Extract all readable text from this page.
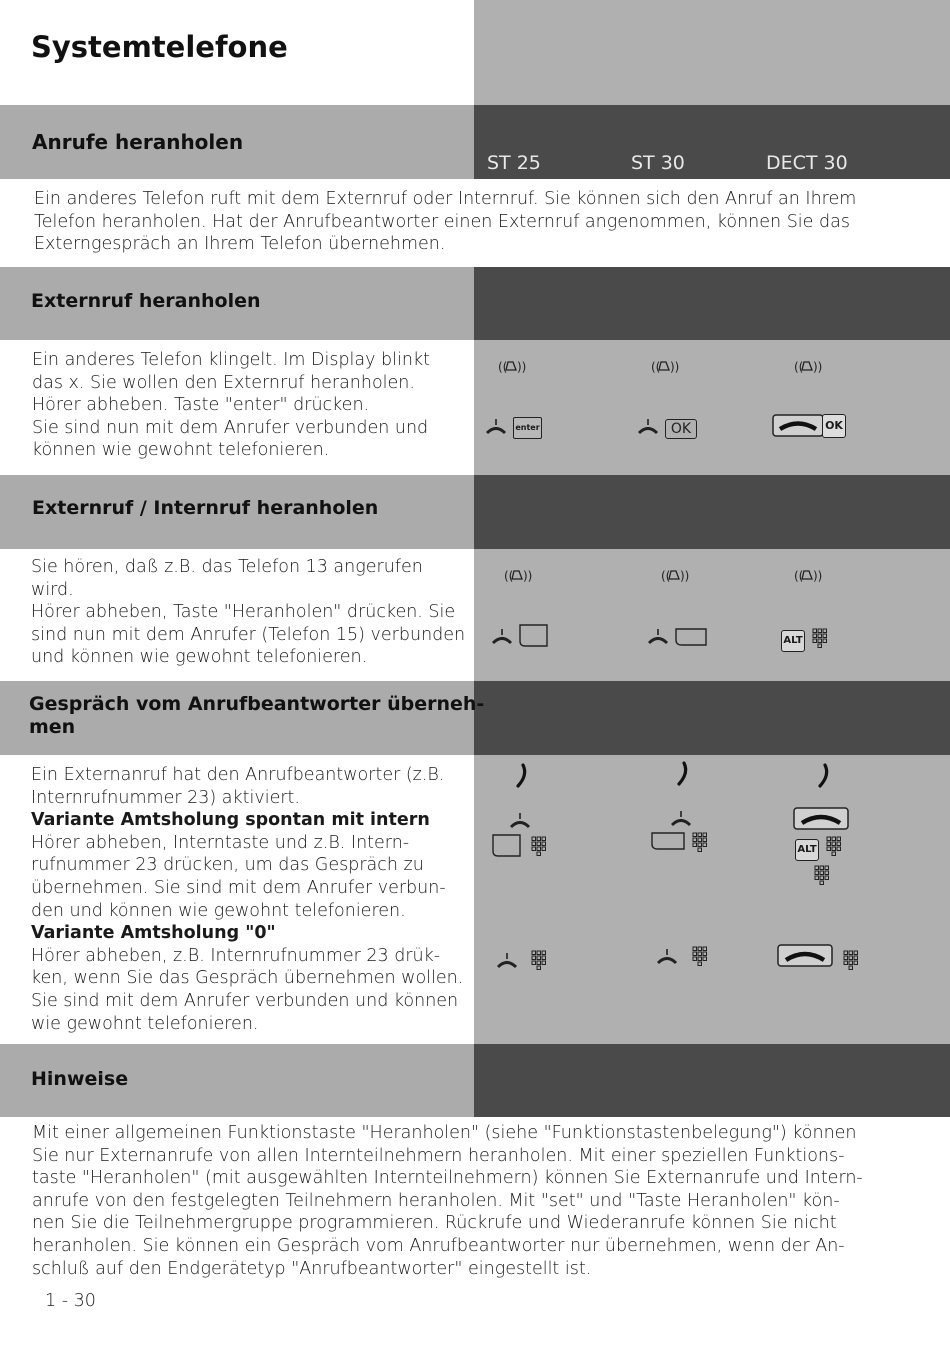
Systemtelefone
Anrufe heranholen
ST 25	ST 30	DECT 30
Ein anderes Telefon ruft mit dem Externruf oder Internruf. Sie können sich den Anruf an Ihrem
Telefon heranholen. Hat der Anrufbeantworter einen Externruf angenommen, können Sie das
Externgespräch an Ihrem Telefon übernehmen.
Externruf heranholen
Ein anderes Telefon klingelt. Im Display blinkt
das x. Sie wollen den Externruf heranholen.
Hörer abheben. Taste "enter" drücken.
Sie sind nun mit dem Anrufer verbunden und
können wie gewohnt telefonieren.
(( ))	(( ))	(( ))
enter	OK	OK
Externruf / Internruf heranholen
Sie hören, daß z.B. das Telefon 13 angerufen
wird.
Hörer abheben, Taste "Heranholen" drücken. Sie
sind nun mit dem Anrufer (Telefon 15) verbunden
und können wie gewohnt telefonieren.
(( ))	(( ))	(( ))
ALT
Gespräch vom Anrufbeantworter überneh-
men
Ein Externanruf hat den Anrufbeantworter (z.B.
Internrufnummer 23) aktiviert.
Variante Amtsholung spontan mit intern
Hörer abheben, Interntaste und z.B. Intern-
rufnummer 23 drücken, um das Gespräch zu
übernehmen. Sie sind mit dem Anrufer verbun-
den und können wie gewohnt telefonieren.
Variante Amtsholung "0"
Hörer abheben, z.B. Internrufnummer 23 drük-
ken, wenn Sie das Gespräch übernehmen wollen.
Sie sind mit dem Anrufer verbunden und können
wie gewohnt telefonieren.
ALT
Hinweise
Mit einer allgemeinen Funktionstaste "Heranholen" (siehe "Funktionstastenbelegung") können
Sie nur Externanrufe von allen Internteilnehmern heranholen. Mit einer speziellen Funktions-
taste "Heranholen" (mit ausgewählten Internteilnehmern) können Sie Externanrufe und Intern-
anrufe von den festgelegten Teilnehmern heranholen. Mit "set" und "Taste Heranholen" kön-
nen Sie die Teilnehmergruppe programmieren. Rückrufe und Wiederanrufe können Sie nicht
heranholen. Sie können ein Gespräch vom Anrufbeantworter nur übernehmen, wenn der An-
schluß auf den Endgerätetyp "Anrufbeantworter" eingestellt ist.
1 - 30
